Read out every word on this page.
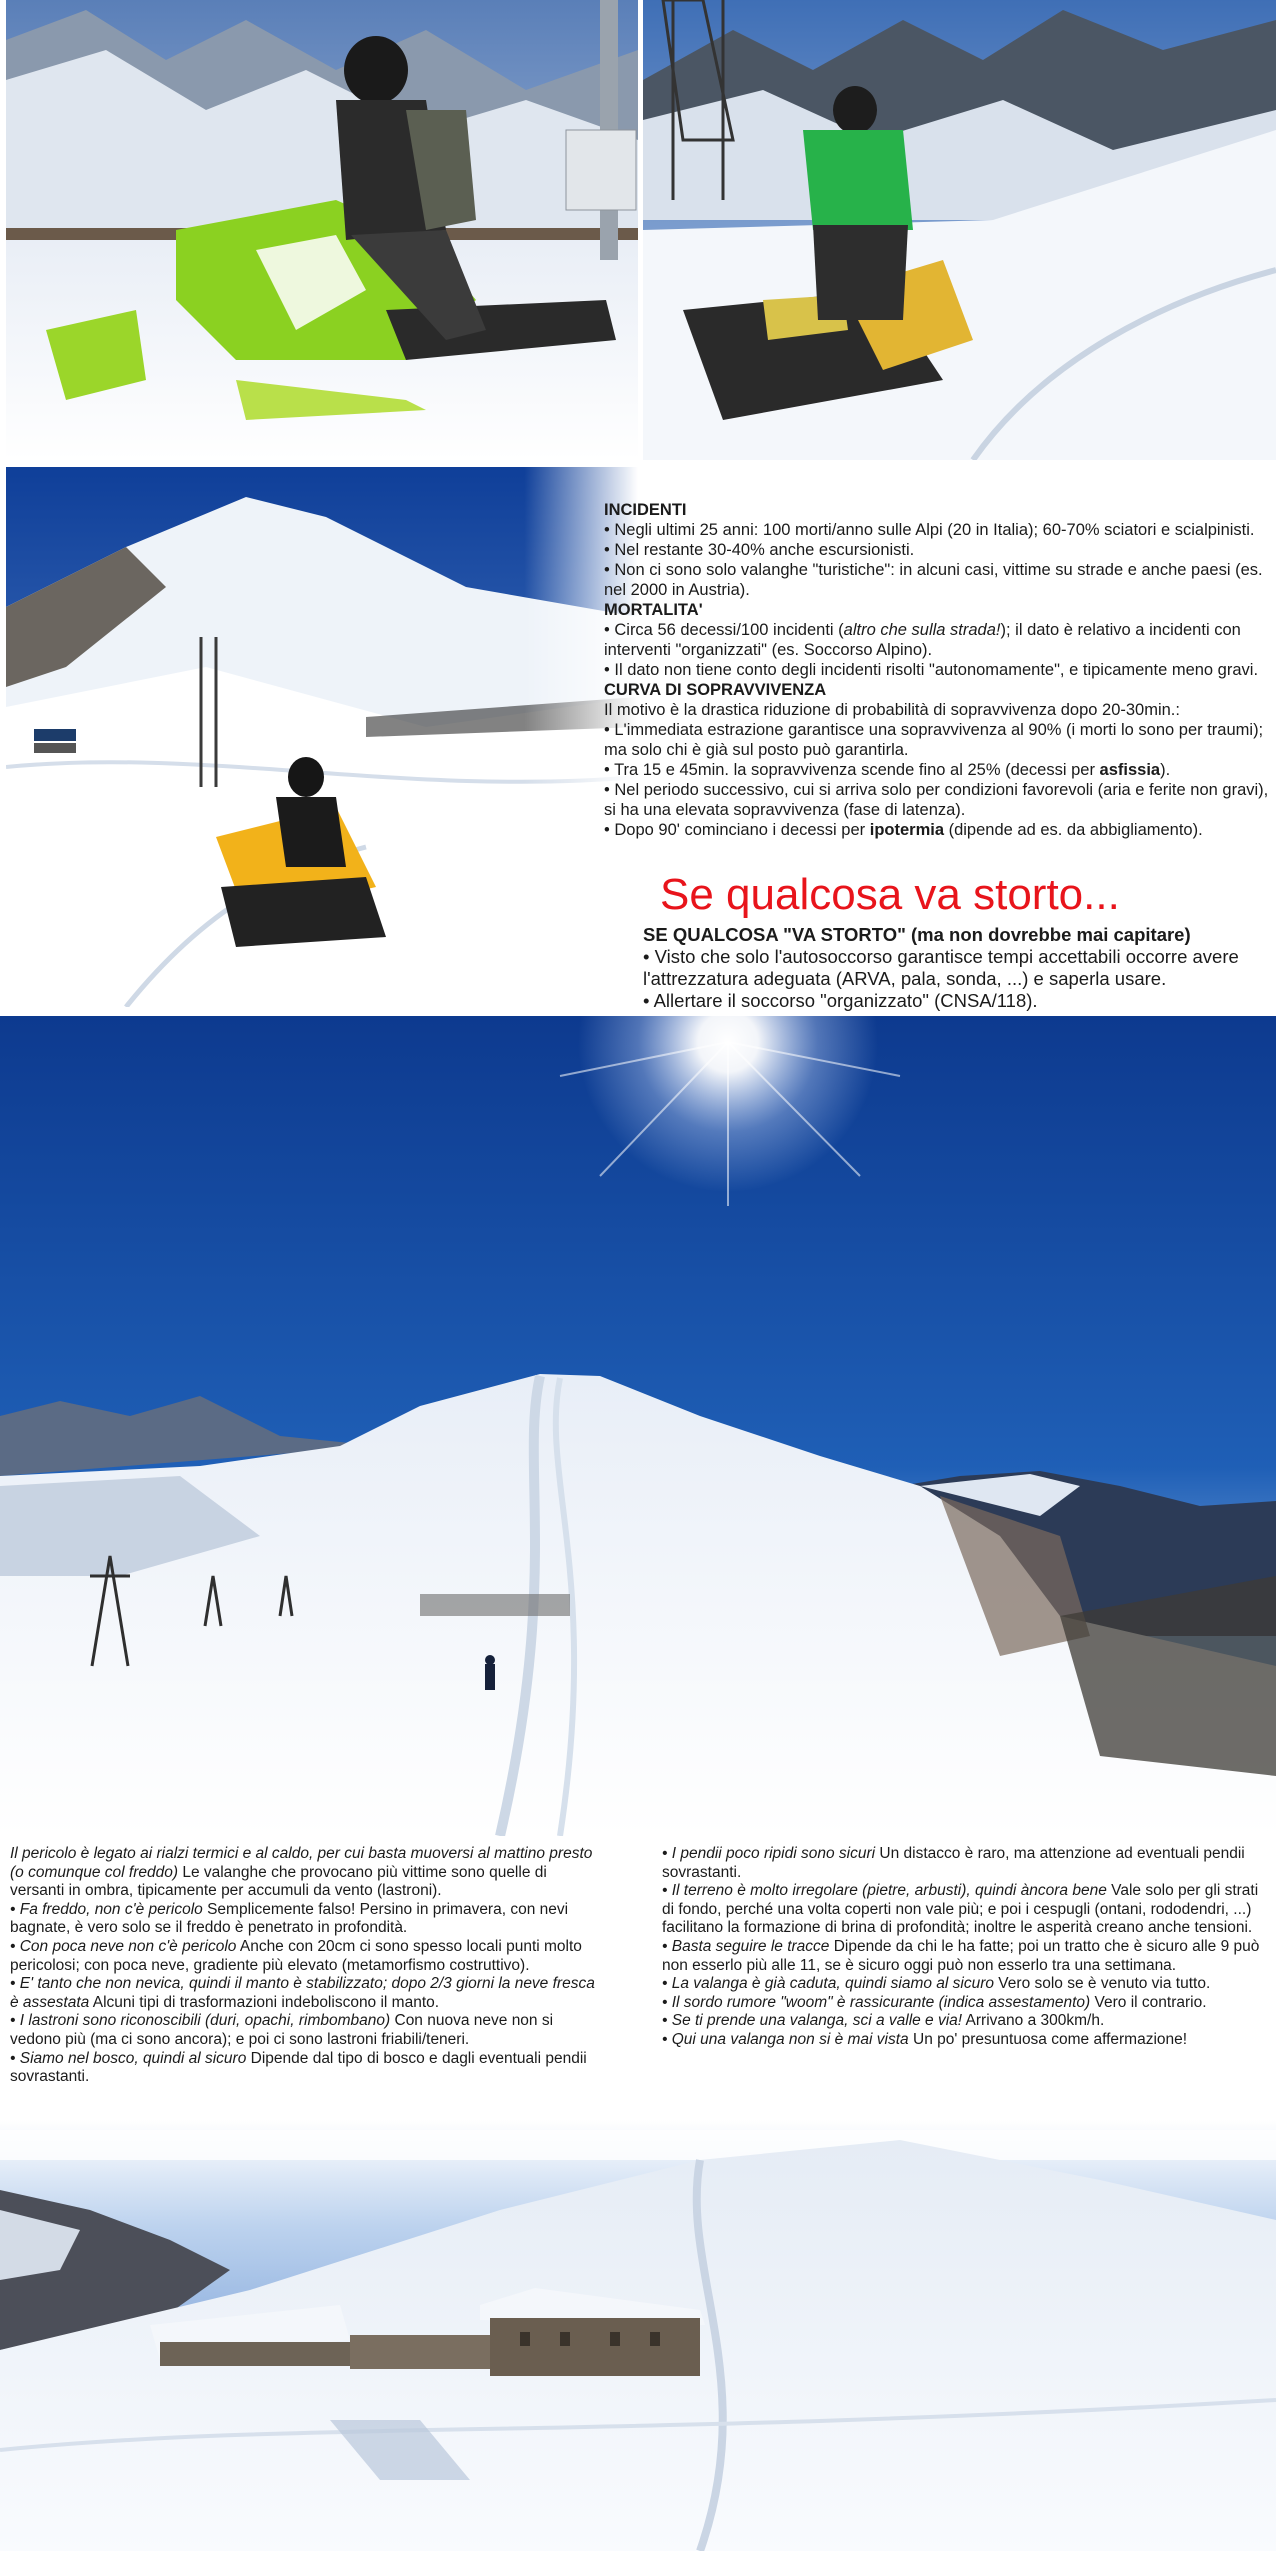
INCIDENTI

• Negli ultimi 25 anni: 100 morti/anno sulle Alpi (20 in Italia); 60-70% sciatori e scialpinisti.

• Nel restante 30-40% anche escursionisti.

• Non ci sono solo valanghe "turistiche": in alcuni casi, vittime su strade e anche paesi (es. nel 2000 in Austria).

MORTALITA'

• Circa 56 decessi/100 incidenti (altro che sulla strada!); il dato è relativo a incidenti con interventi "organizzati" (es. Soccorso Alpino).

• Il dato non tiene conto degli incidenti risolti "autonomamente", e tipicamente meno gravi.

CURVA DI SOPRAVVIVENZA

Il motivo è la drastica riduzione di probabilità di sopravvivenza dopo 20-30min.:

• L'immediata estrazione garantisce una sopravvivenza al 90% (i morti lo sono per traumi); ma solo chi è già sul posto può garantirla.

• Tra 15 e 45min. la sopravvivenza scende fino al 25% (decessi per asfissia).

• Nel periodo successivo, cui si arriva solo per condizioni favorevoli (aria e ferite non gravi), si ha una elevata sopravvivenza (fase di latenza).

• Dopo 90' cominciano i decessi per ipotermia (dipende ad es. da abbigliamento).

Se qualcosa va storto...

SE QUALCOSA "VA STORTO" (ma non dovrebbe mai capitare)

• Visto che solo l'autosoccorso garantisce tempi accettabili occorre avere l'attrezzatura adeguata (ARVA, pala, sonda, ...) e saperla usare.

• Allertare il soccorso "organizzato" (CNSA/118).

Il pericolo è legato ai rialzi termici e al caldo, per cui basta muoversi al mattino presto (o comunque col freddo) Le valanghe che provocano più vittime sono quelle di versanti in ombra, tipicamente per accumuli da vento (lastroni).

• Fa freddo, non c'è pericolo Semplicemente falso! Persino in primavera, con nevi bagnate, è vero solo se il freddo è penetrato in profondità.

• Con poca neve non c'è pericolo Anche con 20cm ci sono spesso locali punti molto pericolosi; con poca neve, gradiente più elevato (metamorfismo costruttivo).

• E' tanto che non nevica, quindi il manto è stabilizzato; dopo 2/3 giorni la neve fresca è assestata Alcuni tipi di trasformazioni indeboliscono il manto.

• I lastroni sono riconoscibili (duri, opachi, rimbombano) Con nuova neve non si vedono più (ma ci sono ancora); e poi ci sono lastroni friabili/teneri.

• Siamo nel bosco, quindi al sicuro Dipende dal tipo di bosco e dagli eventuali pendii sovrastanti.

• I pendii poco ripidi sono sicuri Un distacco è raro, ma attenzione ad eventuali pendii sovrastanti.

• Il terreno è molto irregolare (pietre, arbusti), quindi àncora bene Vale solo per gli strati di fondo, perché una volta coperti non vale più; e poi i cespugli (ontani, rododendri, ...) facilitano la formazione di brina di profondità; inoltre le asperità creano anche tensioni.

• Basta seguire le tracce Dipende da chi le ha fatte; poi un tratto che è sicuro alle 9 può non esserlo più alle 11, se è sicuro oggi può non esserlo tra una settimana.

• La valanga è già caduta, quindi siamo al sicuro Vero solo se è venuto via tutto.

• Il sordo rumore "woom" è rassicurante (indica assestamento) Vero il contrario.

• Se ti prende una valanga, sci a valle e via! Arrivano a 300km/h.

• Qui una valanga non si è mai vista Un po' presuntuosa come affermazione!
